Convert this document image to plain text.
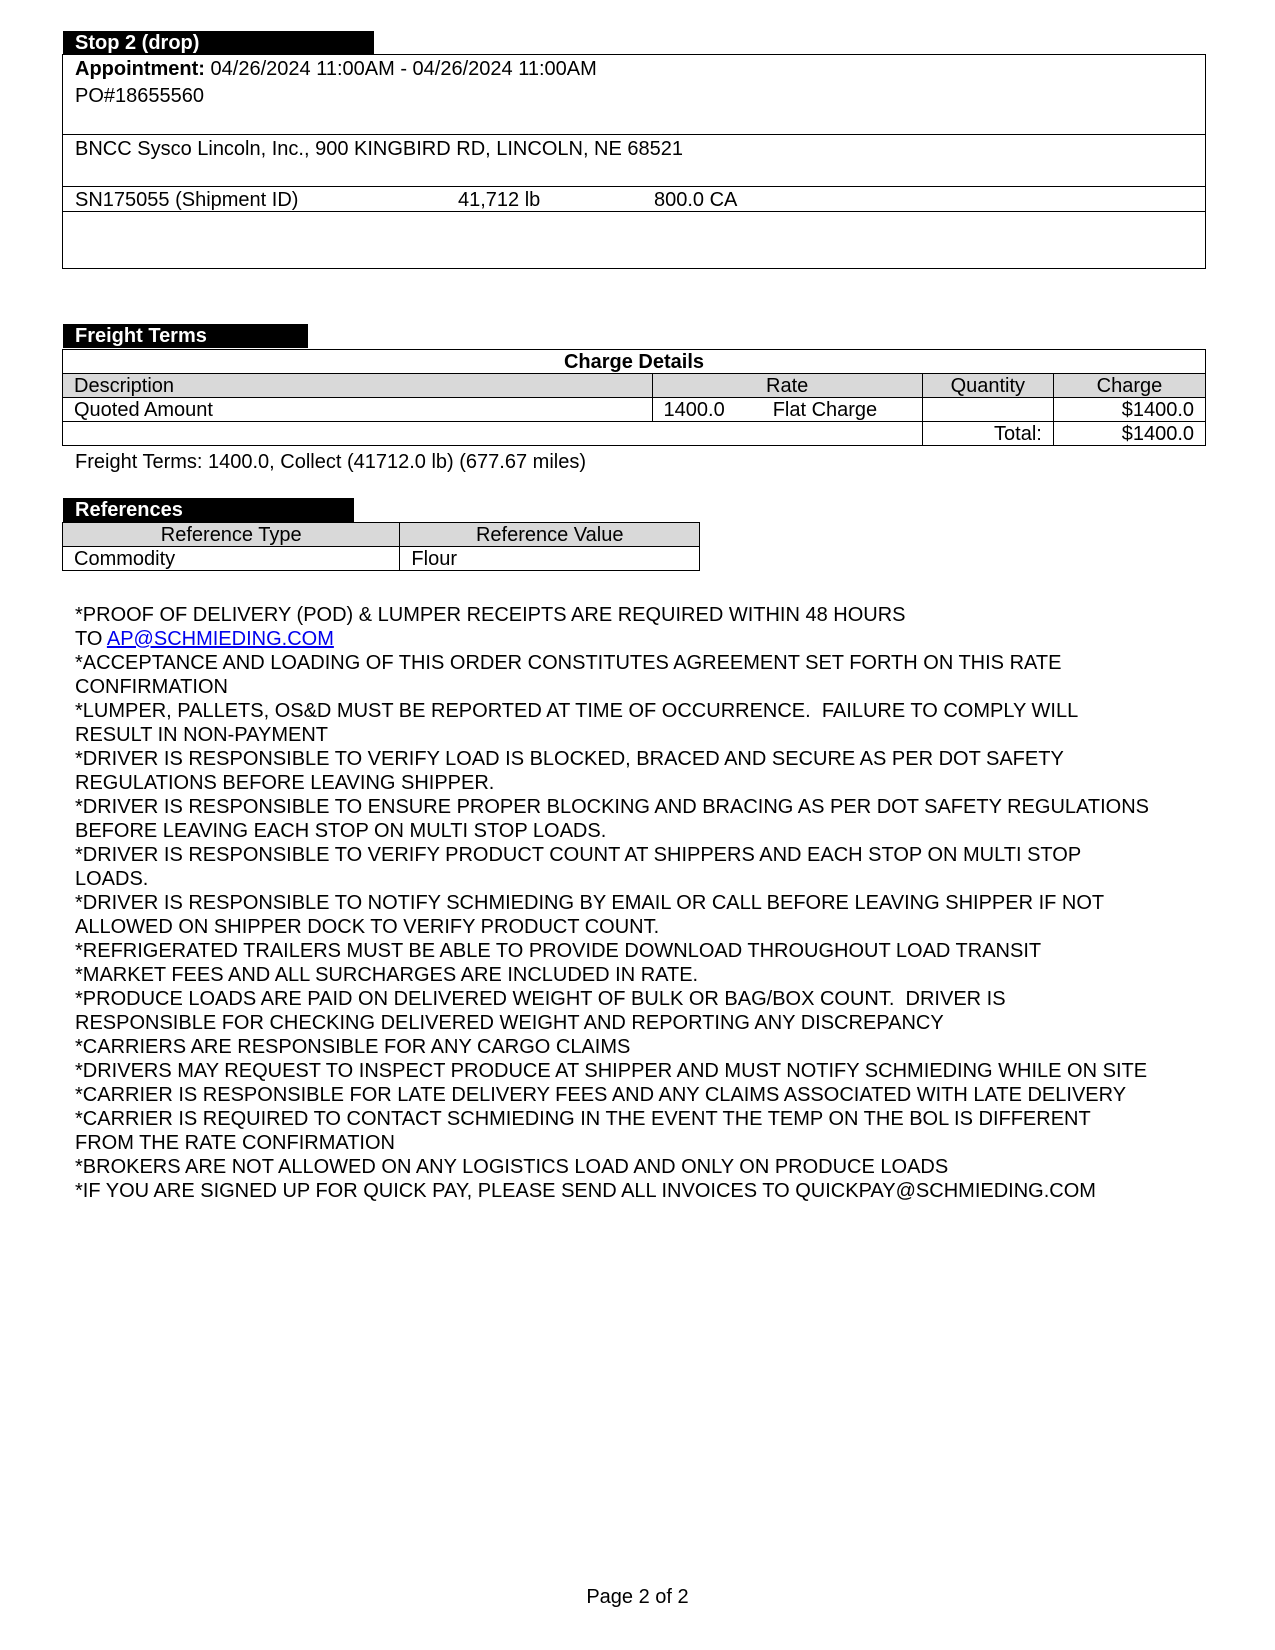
Stop 2 (drop)
Appointment: 04/26/2024 11:00AM - 04/26/2024 11:00AM
PO#18655560
BNCC Sysco Lincoln, Inc., 900 KINGBIRD RD, LINCOLN, NE 68521
SN175055 (Shipment ID)	41,712 lb	800.0 CA
Freight Terms
Charge Details			
Description	Rate	Quantity	Charge
Quoted Amount	1400.0 Flat Charge		$1400.0
		Total:	$1400.0
Freight Terms: 1400.0, Collect (41712.0 lb) (677.67 miles)
References
Reference Type	Reference Value
Commodity	Flour
*PROOF OF DELIVERY (POD) & LUMPER RECEIPTS ARE REQUIRED WITHIN 48 HOURS
TO AP@SCHMIEDING.COM
*ACCEPTANCE AND LOADING OF THIS ORDER CONSTITUTES AGREEMENT SET FORTH ON THIS RATE
CONFIRMATION
*LUMPER, PALLETS, OS&D MUST BE REPORTED AT TIME OF OCCURRENCE.  FAILURE TO COMPLY WILL
RESULT IN NON-PAYMENT
*DRIVER IS RESPONSIBLE TO VERIFY LOAD IS BLOCKED, BRACED AND SECURE AS PER DOT SAFETY
REGULATIONS BEFORE LEAVING SHIPPER.
*DRIVER IS RESPONSIBLE TO ENSURE PROPER BLOCKING AND BRACING AS PER DOT SAFETY REGULATIONS
BEFORE LEAVING EACH STOP ON MULTI STOP LOADS.
*DRIVER IS RESPONSIBLE TO VERIFY PRODUCT COUNT AT SHIPPERS AND EACH STOP ON MULTI STOP
LOADS.
*DRIVER IS RESPONSIBLE TO NOTIFY SCHMIEDING BY EMAIL OR CALL BEFORE LEAVING SHIPPER IF NOT
ALLOWED ON SHIPPER DOCK TO VERIFY PRODUCT COUNT.
*REFRIGERATED TRAILERS MUST BE ABLE TO PROVIDE DOWNLOAD THROUGHOUT LOAD TRANSIT
*MARKET FEES AND ALL SURCHARGES ARE INCLUDED IN RATE.
*PRODUCE LOADS ARE PAID ON DELIVERED WEIGHT OF BULK OR BAG/BOX COUNT.  DRIVER IS
RESPONSIBLE FOR CHECKING DELIVERED WEIGHT AND REPORTING ANY DISCREPANCY
*CARRIERS ARE RESPONSIBLE FOR ANY CARGO CLAIMS
*DRIVERS MAY REQUEST TO INSPECT PRODUCE AT SHIPPER AND MUST NOTIFY SCHMIEDING WHILE ON SITE
*CARRIER IS RESPONSIBLE FOR LATE DELIVERY FEES AND ANY CLAIMS ASSOCIATED WITH LATE DELIVERY
*CARRIER IS REQUIRED TO CONTACT SCHMIEDING IN THE EVENT THE TEMP ON THE BOL IS DIFFERENT
FROM THE RATE CONFIRMATION
*BROKERS ARE NOT ALLOWED ON ANY LOGISTICS LOAD AND ONLY ON PRODUCE LOADS
*IF YOU ARE SIGNED UP FOR QUICK PAY, PLEASE SEND ALL INVOICES TO QUICKPAY@SCHMIEDING.COM
Page 2 of 2
